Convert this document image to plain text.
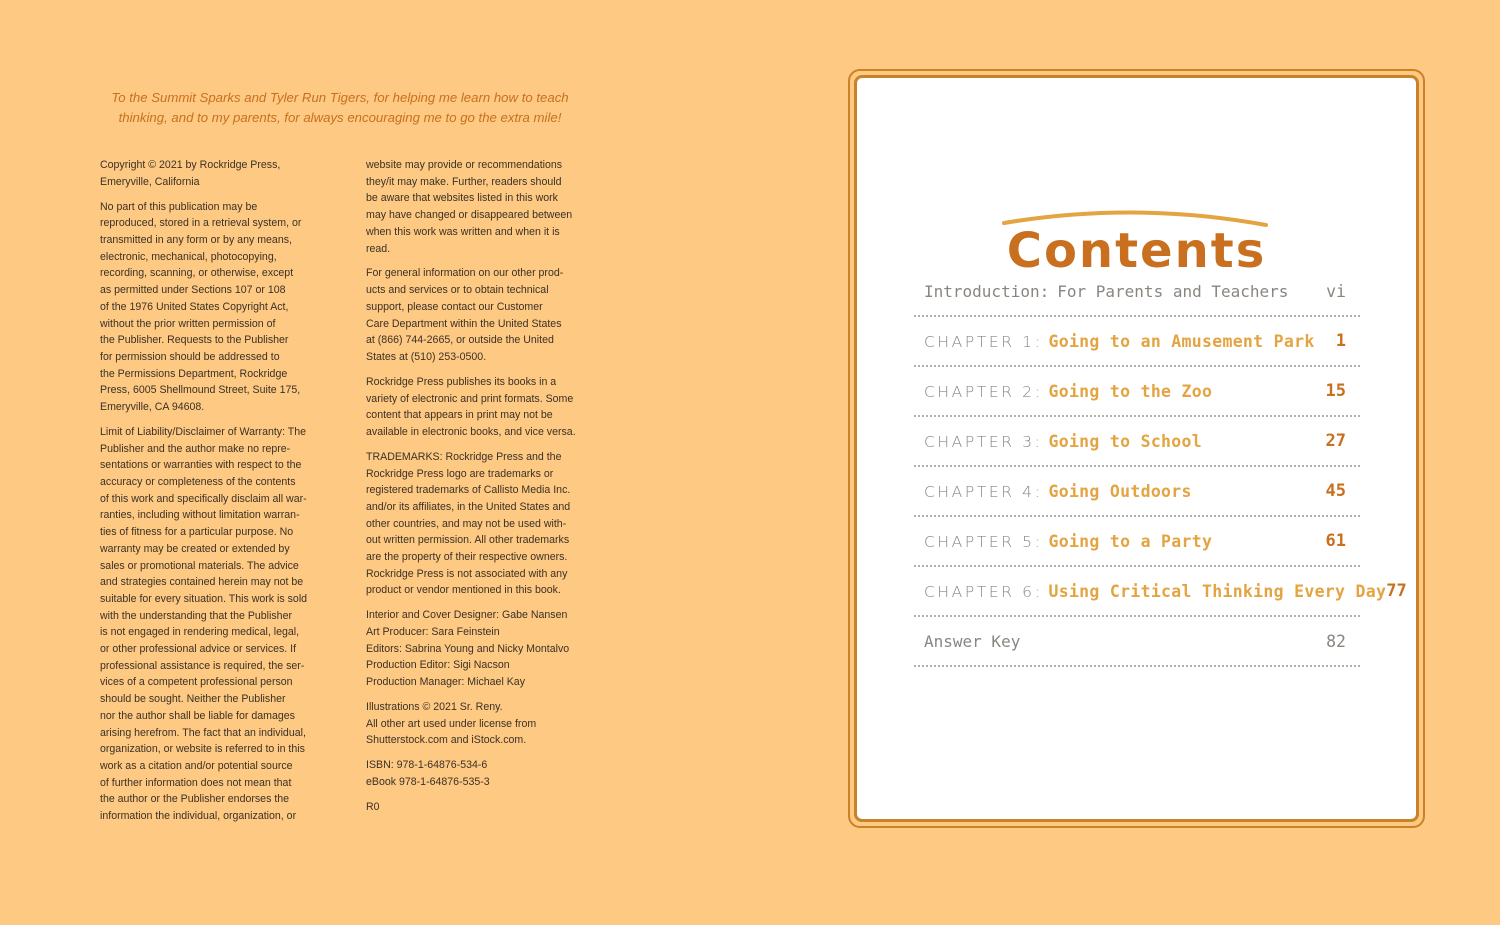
To the Summit Sparks and Tyler Run Tigers, for helping me learn how to teach
thinking, and to my parents, for always encouraging me to go the extra mile!

Copyright © 2021 by Rockridge Press,
Emeryville, California

No part of this publication may be
reproduced, stored in a retrieval system, or
transmitted in any form or by any means,
electronic, mechanical, photocopying,
recording, scanning, or otherwise, except
as permitted under Sections 107 or 108
of the 1976 United States Copyright Act,
without the prior written permission of
the Publisher. Requests to the Publisher
for permission should be addressed to
the Permissions Department, Rockridge
Press, 6005 Shellmound Street, Suite 175,
Emeryville, CA 94608.

Limit of Liability/Disclaimer of Warranty: The
Publisher and the author make no repre-
sentations or warranties with respect to the
accuracy or completeness of the contents
of this work and specifically disclaim all war-
ranties, including without limitation warran-
ties of fitness for a particular purpose. No
warranty may be created or extended by
sales or promotional materials. The advice
and strategies contained herein may not be
suitable for every situation. This work is sold
with the understanding that the Publisher
is not engaged in rendering medical, legal,
or other professional advice or services. If
professional assistance is required, the ser-
vices of a competent professional person
should be sought. Neither the Publisher
nor the author shall be liable for damages
arising herefrom. The fact that an individual,
organization, or website is referred to in this
work as a citation and/or potential source
of further information does not mean that
the author or the Publisher endorses the
information the individual, organization, or

website may provide or recommendations
they/it may make. Further, readers should
be aware that websites listed in this work
may have changed or disappeared between
when this work was written and when it is
read.

For general information on our other prod-
ucts and services or to obtain technical
support, please contact our Customer
Care Department within the United States
at (866) 744-2665, or outside the United
States at (510) 253-0500.

Rockridge Press publishes its books in a
variety of electronic and print formats. Some
content that appears in print may not be
available in electronic books, and vice versa.

TRADEMARKS: Rockridge Press and the
Rockridge Press logo are trademarks or
registered trademarks of Callisto Media Inc.
and/or its affiliates, in the United States and
other countries, and may not be used with-
out written permission. All other trademarks
are the property of their respective owners.
Rockridge Press is not associated with any
product or vendor mentioned in this book.

Interior and Cover Designer: Gabe Nansen
Art Producer: Sara Feinstein
Editors: Sabrina Young and Nicky Montalvo
Production Editor: Sigi Nacson
Production Manager: Michael Kay

Illustrations © 2021 Sr. Reny.
All other art used under license from
Shutterstock.com and iStock.com.

ISBN: 978-1-64876-534-6
eBook 978-1-64876-535-3

R0

Contents
Introduction: For Parents and Teachers vi
CHAPTER 1: Going to an Amusement Park 1
CHAPTER 2: Going to the Zoo	15
CHAPTER 3: Going to School	27
CHAPTER 4: Going Outdoors	45
CHAPTER 5: Going to a Party	61
CHAPTER 6: Using Critical Thinking Every Day 77
Answer Key	82
